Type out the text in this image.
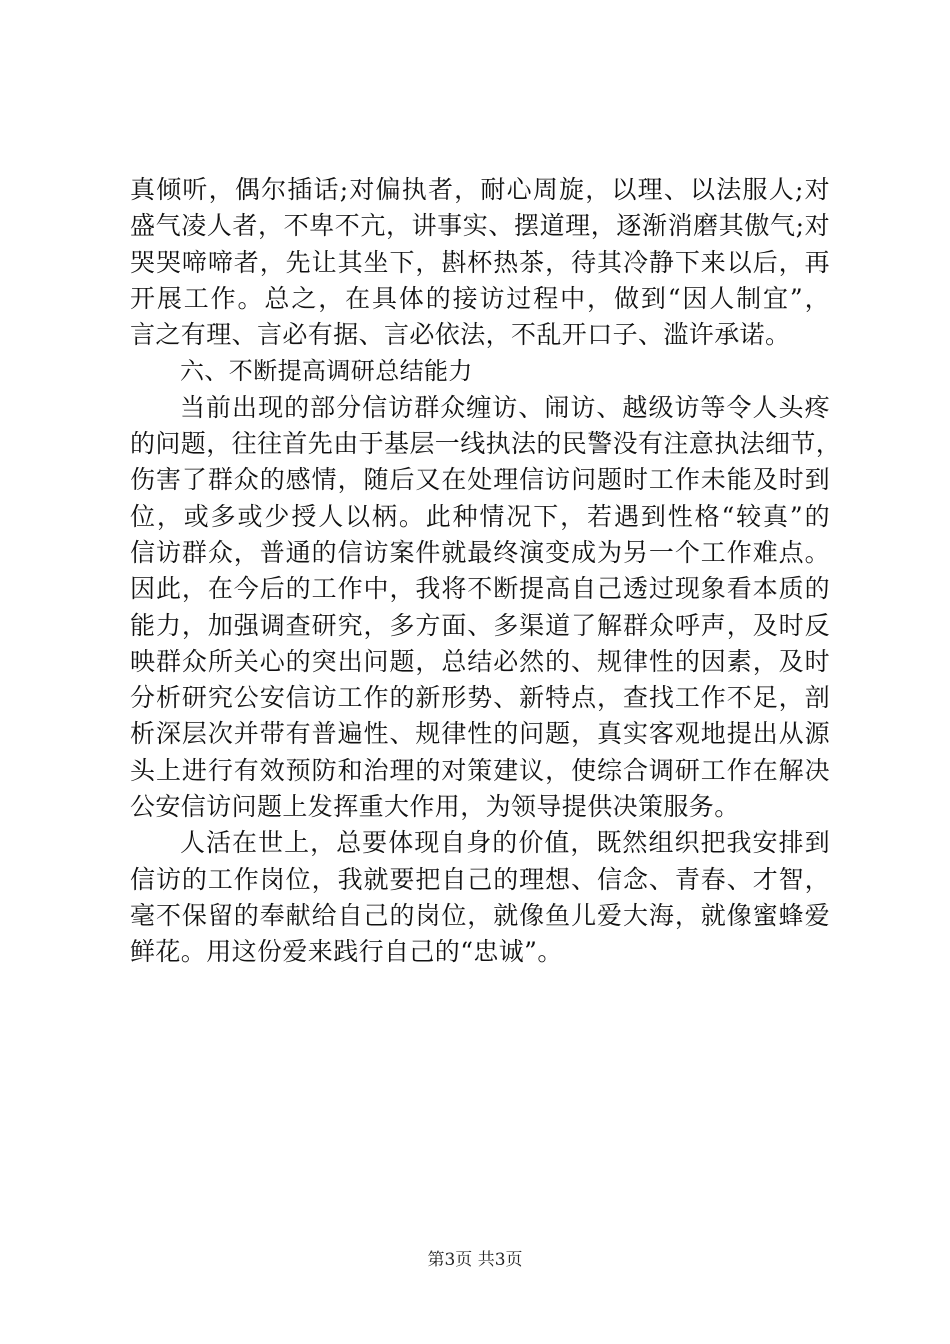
真倾听，偶尔插话;对偏执者，耐心周旋，以理、以法服人;对
盛气凌人者，不卑不亢，讲事实、摆道理，逐渐消磨其傲气;对
哭哭啼啼者，先让其坐下，斟杯热茶，待其冷静下来以后，再
开展工作。总之，在具体的接访过程中，做到“因人制宜”，
言之有理、言必有据、言必依法，不乱开口子、滥许承诺。
六、不断提高调研总结能力
当前出现的部分信访群众缠访、闹访、越级访等令人头疼
的问题，往往首先由于基层一线执法的民警没有注意执法细节，
伤害了群众的感情，随后又在处理信访问题时工作未能及时到
位，或多或少授人以柄。此种情况下，若遇到性格“较真”的
信访群众，普通的信访案件就最终演变成为另一个工作难点。
因此，在今后的工作中，我将不断提高自己透过现象看本质的
能力，加强调查研究，多方面、多渠道了解群众呼声，及时反
映群众所关心的突出问题，总结必然的、规律性的因素，及时
分析研究公安信访工作的新形势、新特点，查找工作不足，剖
析深层次并带有普遍性、规律性的问题，真实客观地提出从源
头上进行有效预防和治理的对策建议，使综合调研工作在解决
公安信访问题上发挥重大作用，为领导提供决策服务。
人活在世上，总要体现自身的价值，既然组织把我安排到
信访的工作岗位，我就要把自己的理想、信念、青春、才智，
毫不保留的奉献给自己的岗位，就像鱼儿爱大海，就像蜜蜂爱
鲜花。用这份爱来践行自己的“忠诚”。
第3页 共3页
